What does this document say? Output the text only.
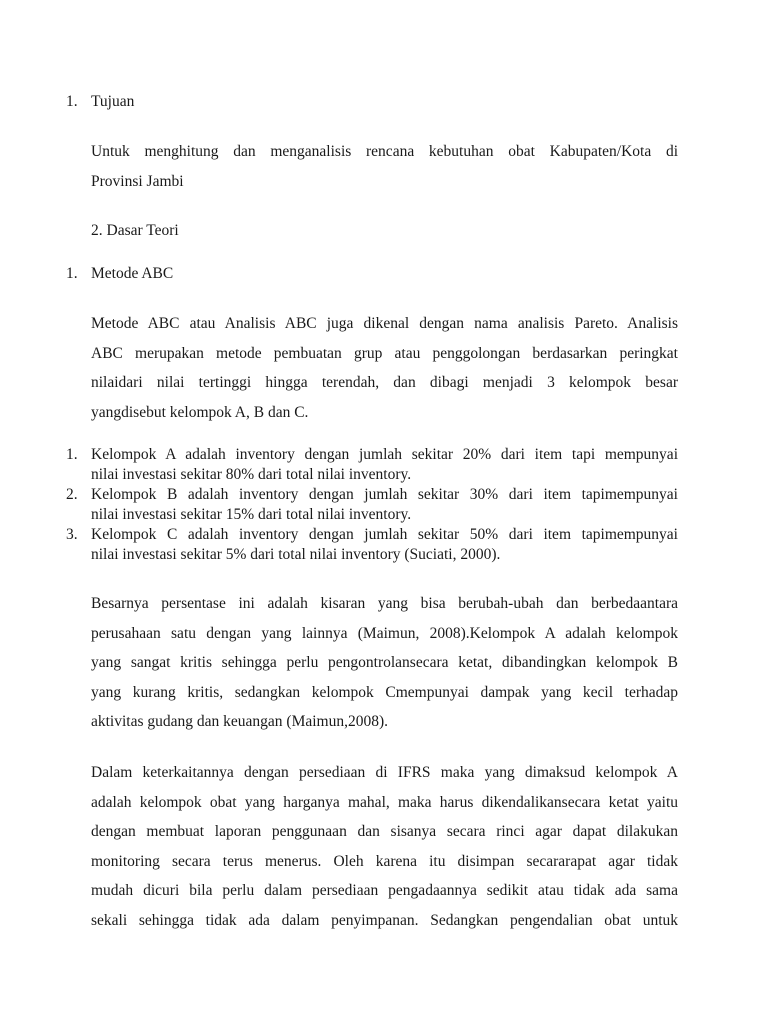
1. Tujuan
Untuk menghitung dan menganalisis rencana kebutuhan obat Kabupaten/Kota di
Provinsi Jambi
2. Dasar Teori
1. Metode ABC
Metode ABC atau Analisis ABC juga dikenal dengan nama analisis Pareto. Analisis
ABC merupakan metode pembuatan grup atau penggolongan berdasarkan peringkat
nilaidari nilai tertinggi hingga terendah, dan dibagi menjadi 3 kelompok besar
yangdisebut kelompok A, B dan C.
1. Kelompok A adalah inventory dengan jumlah sekitar 20% dari item tapi mempunyai
nilai investasi sekitar 80% dari total nilai inventory.
2. Kelompok B adalah inventory dengan jumlah sekitar 30% dari item tapimempunyai
nilai investasi sekitar 15% dari total nilai inventory.
3. Kelompok C adalah inventory dengan jumlah sekitar 50% dari item tapimempunyai
nilai investasi sekitar 5% dari total nilai inventory (Suciati, 2000).
Besarnya persentase ini adalah kisaran yang bisa berubah-ubah dan berbedaantara
perusahaan satu dengan yang lainnya (Maimun, 2008).Kelompok A adalah kelompok
yang sangat kritis sehingga perlu pengontrolansecara ketat, dibandingkan kelompok B
yang kurang kritis, sedangkan kelompok Cmempunyai dampak yang kecil terhadap
aktivitas gudang dan keuangan (Maimun,2008).
Dalam keterkaitannya dengan persediaan di IFRS maka yang dimaksud kelompok A
adalah kelompok obat yang harganya mahal, maka harus dikendalikansecara ketat yaitu
dengan membuat laporan penggunaan dan sisanya secara rinci agar dapat dilakukan
monitoring secara terus menerus. Oleh karena itu disimpan secararapat agar tidak
mudah dicuri bila perlu dalam persediaan pengadaannya sedikit atau tidak ada sama
sekali sehingga tidak ada dalam penyimpanan. Sedangkan pengendalian obat untuk
